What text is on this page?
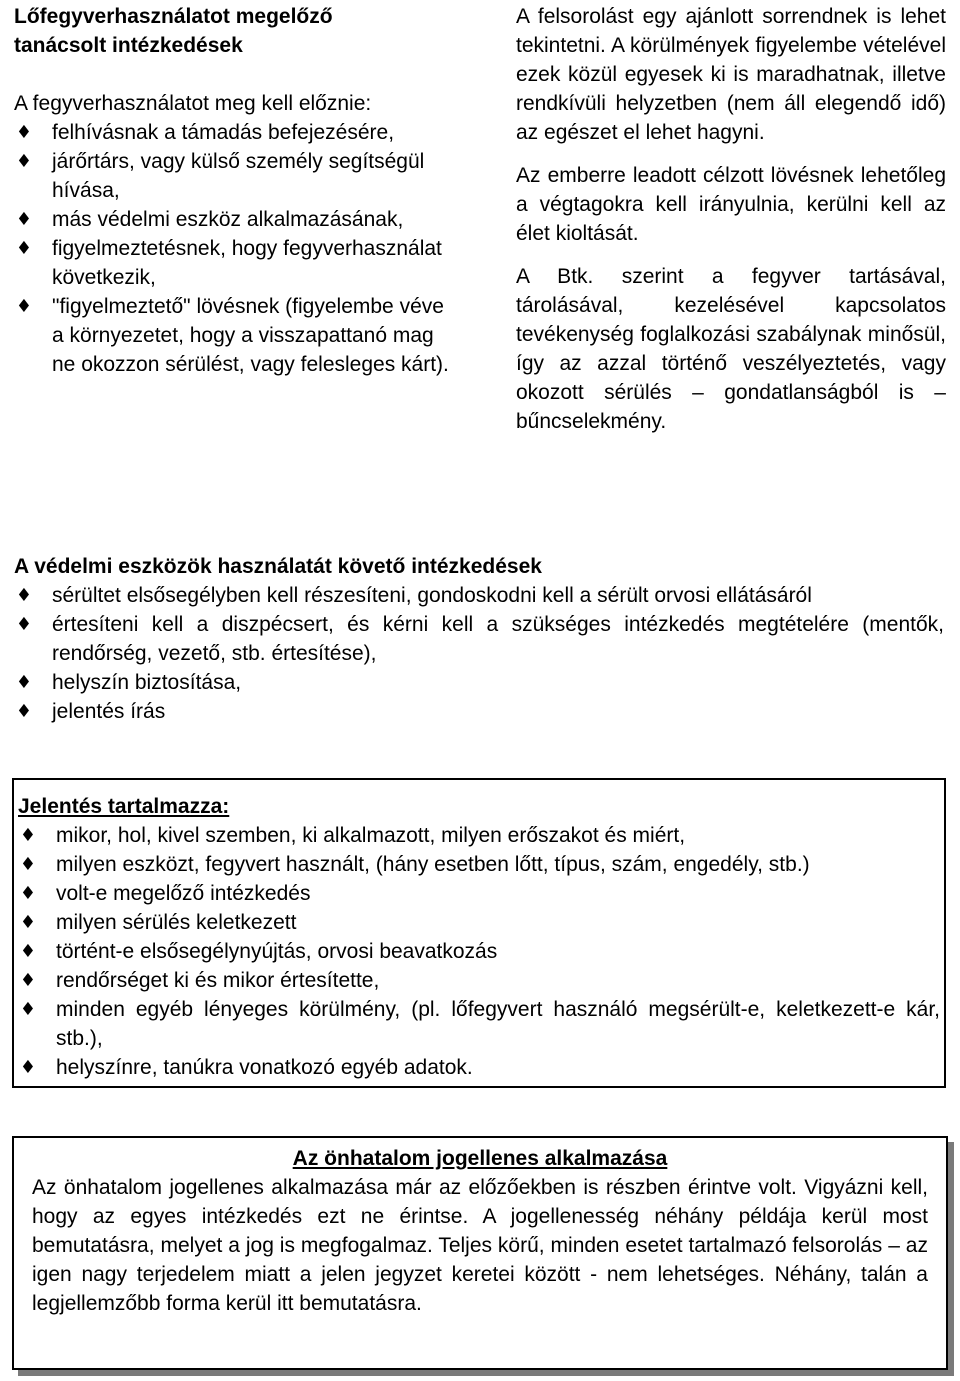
Lőfegyverhasználatot megelőző

tanácsolt intézkedések

A fegyverhasználatot meg kell előznie:

♦ felhívásnak a támadás befejezésére,
♦ járőrtárs, vagy külső személy segítségül hívása,
♦ más védelmi eszköz alkalmazásának,
♦ figyelmeztetésnek, hogy fegyverhasználat következik,
♦ "figyelmeztető" lövésnek (figyelembe véve a környezetet, hogy a visszapattanó mag ne okozzon sérülést, vagy felesleges kárt).

A felsorolást egy ajánlott sorrendnek is lehet tekintetni. A körülmények figyelembe vételével ezek közül egyesek ki is maradhatnak, illetve rendkívüli helyzetben (nem áll elegendő idő) az egészet el lehet hagyni.

Az emberre leadott célzott lövésnek lehetőleg a végtagokra kell irányulnia, kerülni kell az élet kioltását.

A Btk. szerint a fegyver tartásával, tárolásával, kezelésével kapcsolatos tevékenység foglalkozási szabálynak minősül, így az azzal történő veszélyeztetés, vagy okozott sérülés – gondatlanságból is – bűncselekmény.

A védelmi eszközök használatát követő intézkedések

♦ sérültet elsősegélyben kell részesíteni, gondoskodni kell a sérült orvosi ellátásáról
♦ értesíteni kell a diszpécsert, és kérni kell a szükséges intézkedés megtételére (mentők, rendőrség, vezető, stb. értesítése),
♦ helyszín biztosítása,
♦ jelentés írás

Jelentés tartalmazza:

♦ mikor, hol, kivel szemben, ki alkalmazott, milyen erőszakot és miért,
♦ milyen eszközt, fegyvert használt, (hány esetben lőtt, típus, szám, engedély, stb.)
♦ volt-e megelőző intézkedés
♦ milyen sérülés keletkezett
♦ történt-e elsősegélynyújtás, orvosi beavatkozás
♦ rendőrséget ki és mikor értesítette,
♦ minden egyéb lényeges körülmény, (pl. lőfegyvert használó megsérült-e, keletkezett-e kár, stb.),
♦ helyszínre, tanúkra vonatkozó egyéb adatok.

Az önhatalom jogellenes alkalmazása

Az önhatalom jogellenes alkalmazása már az előzőekben is részben érintve volt. Vigyázni kell, hogy az egyes intézkedés ezt ne érintse. A jogellenesség néhány példája kerül most bemutatásra, melyet a jog is megfogalmaz. Teljes körű, minden esetet tartalmazó felsorolás – az igen nagy terjedelem miatt a jelen jegyzet keretei között - nem lehetséges. Néhány, talán a legjellemzőbb forma kerül itt bemutatásra.
